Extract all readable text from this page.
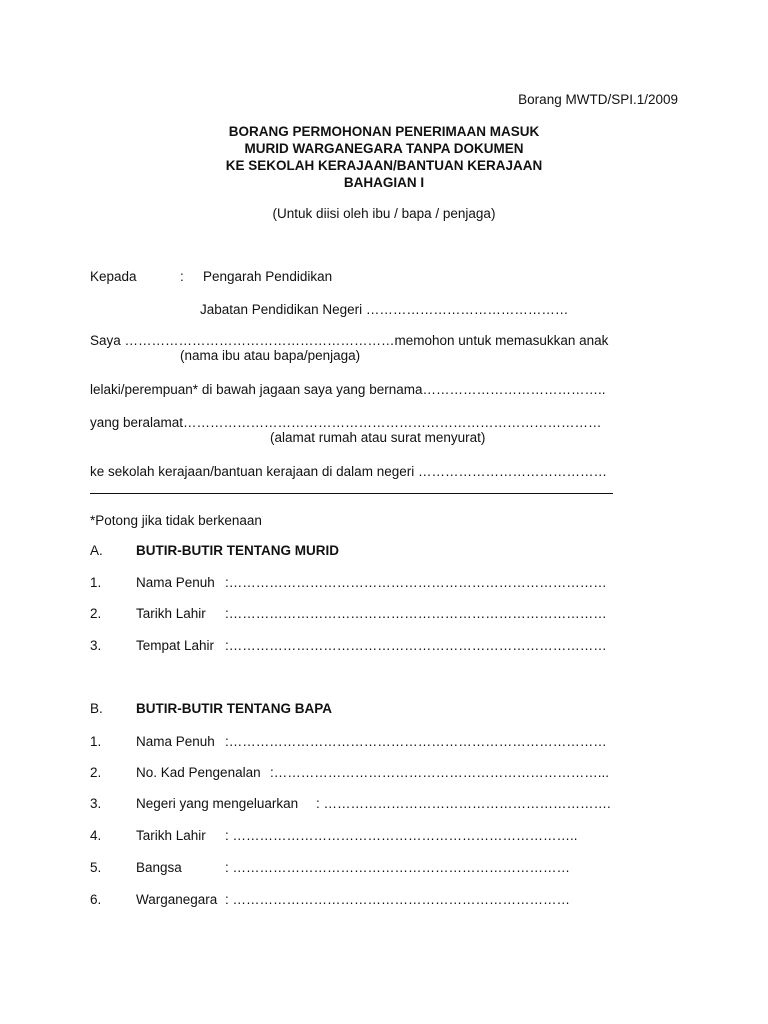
Borang MWTD/SPI.1/2009
BORANG PERMOHONAN PENERIMAAN MASUK
MURID WARGANEGARA TANPA DOKUMEN
KE SEKOLAH KERAJAAN/BANTUAN KERAJAAN
BAHAGIAN I
(Untuk diisi oleh ibu / bapa / penjaga)
Kepada	: Pengarah Pendidikan
Jabatan Pendidikan Negeri ………………………………………
Saya ……………………………………………………memohon untuk memasukkan anak
(nama ibu atau bapa/penjaga)
lelaki/perempuan* di bawah jagaan saya yang bernama…………………………………..
yang beralamat…………………………………………………………………………………
(alamat rumah atau surat menyurat)
ke sekolah kerajaan/bantuan kerajaan di dalam negeri ……………………………………
*Potong jika tidak berkenaan
A. BUTIR-BUTIR TENTANG MURID
1.	Nama Penuh :…………………………………………………………………………
2.	Tarikh Lahir :…………………………………………………………………………
3.	Tempat Lahir :…………………………………………………………………………
B. BUTIR-BUTIR TENTANG BAPA
1.	Nama Penuh :…………………………………………………………………………
2.	No. Kad Pengenalan :………………………………………………………………...
3.	Negeri yang mengeluarkan : ……………………………………………………….
4.	Tarikh Lahir : …………………………………………………………………..
5.	Bangsa	: …………………………………………………………………
6.	Warganegara : …………………………………………………………………
